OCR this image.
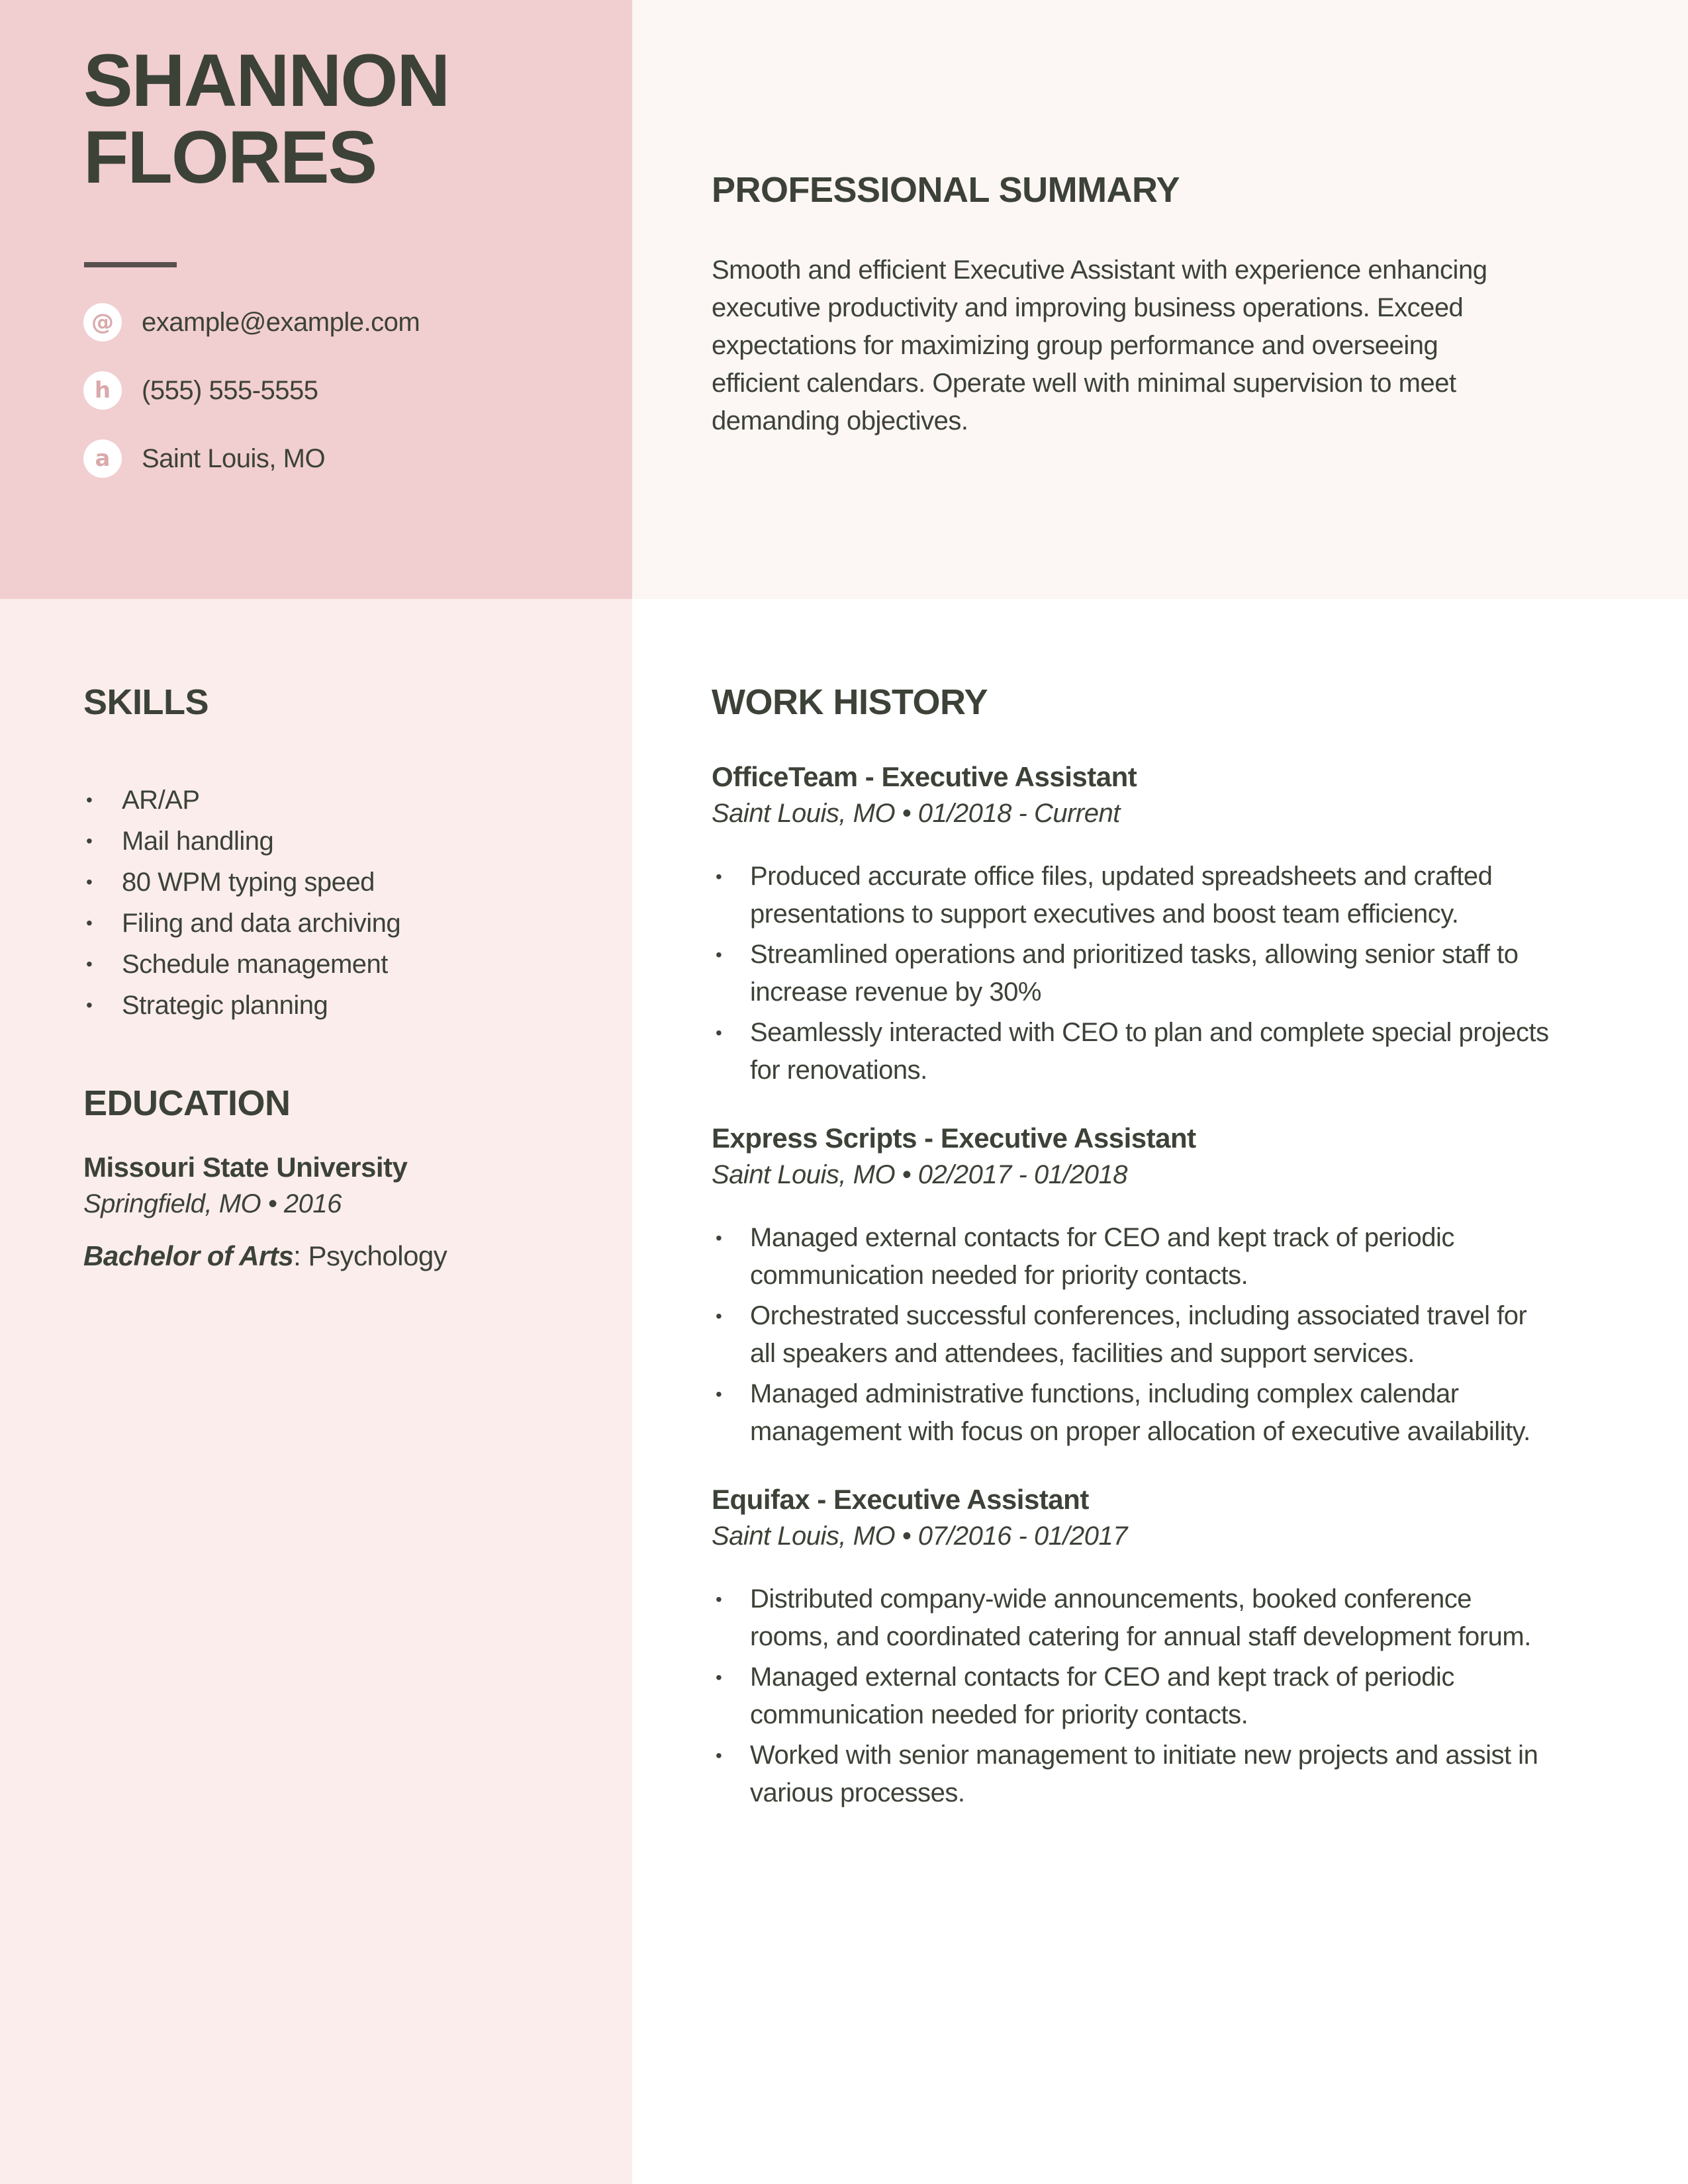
SHANNON
FLORES
@ example@example.com
h (555) 555-5555
a Saint Louis, MO
SKILLS
• AR/AP
• Mail handling
• 80 WPM typing speed
• Filing and data archiving
• Schedule management
• Strategic planning
EDUCATION

Missouri State University

Springfield, MO • 2016

Bachelor of Arts: Psychology

PROFESSIONAL SUMMARY

Smooth and efficient Executive Assistant with experience enhancing executive productivity and improving business operations. Exceed expectations for maximizing group performance and overseeing efficient calendars. Operate well with minimal supervision to meet demanding objectives.

WORK HISTORY
OfficeTeam - Executive Assistant

Saint Louis, MO • 01/2018 - Current

• Produced accurate office files, updated spreadsheets and crafted presentations to support executives and boost team efficiency.
• Streamlined operations and prioritized tasks, allowing senior staff to increase revenue by 30%
• Seamlessly interacted with CEO to plan and complete special projects for renovations.
Express Scripts - Executive Assistant

Saint Louis, MO • 02/2017 - 01/2018

• Managed external contacts for CEO and kept track of periodic communication needed for priority contacts.
• Orchestrated successful conferences, including associated travel for all speakers and attendees, facilities and support services.
• Managed administrative functions, including complex calendar management with focus on proper allocation of executive availability.
Equifax - Executive Assistant

Saint Louis, MO • 07/2016 - 01/2017

• Distributed company-wide announcements, booked conference rooms, and coordinated catering for annual staff development forum.
• Managed external contacts for CEO and kept track of periodic communication needed for priority contacts.
• Worked with senior management to initiate new projects and assist in various processes.
